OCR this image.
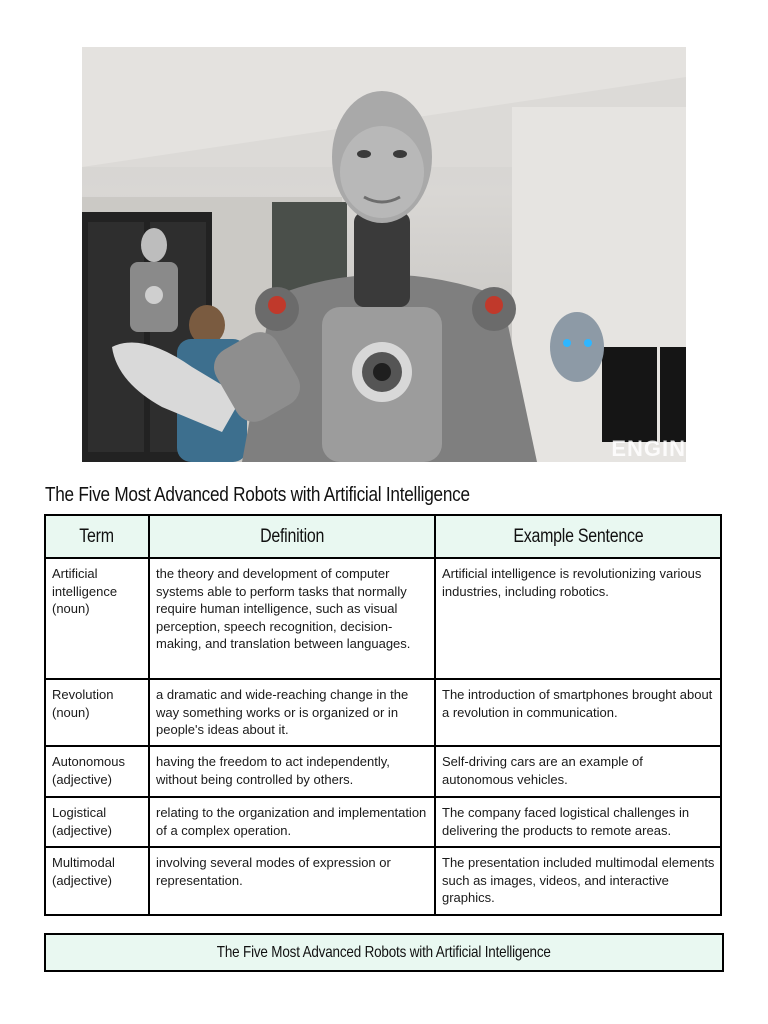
ENGIN
The Five Most Advanced Robots with Artificial Intelligence
Term	Definition	Example Sentence
Artificial intelligence (noun)	the theory and development of computer systems able to perform tasks that normally require human intelligence, such as visual perception, speech recognition, decision-making, and translation between languages.	Artificial intelligence is revolutionizing various industries, including robotics.
Revolution (noun)	a dramatic and wide-reaching change in the way something works or is organized or in people's ideas about it.	The introduction of smartphones brought about a revolution in communication.
Autonomous (adjective)	having the freedom to act independently, without being controlled by others.	Self-driving cars are an example of autonomous vehicles.
Logistical (adjective)	relating to the organization and implementation of a complex operation.	The company faced logistical challenges in delivering the products to remote areas.
Multimodal (adjective)	involving several modes of expression or representation.	The presentation included multimodal elements such as images, videos, and interactive graphics.
The Five Most Advanced Robots with Artificial Intelligence
